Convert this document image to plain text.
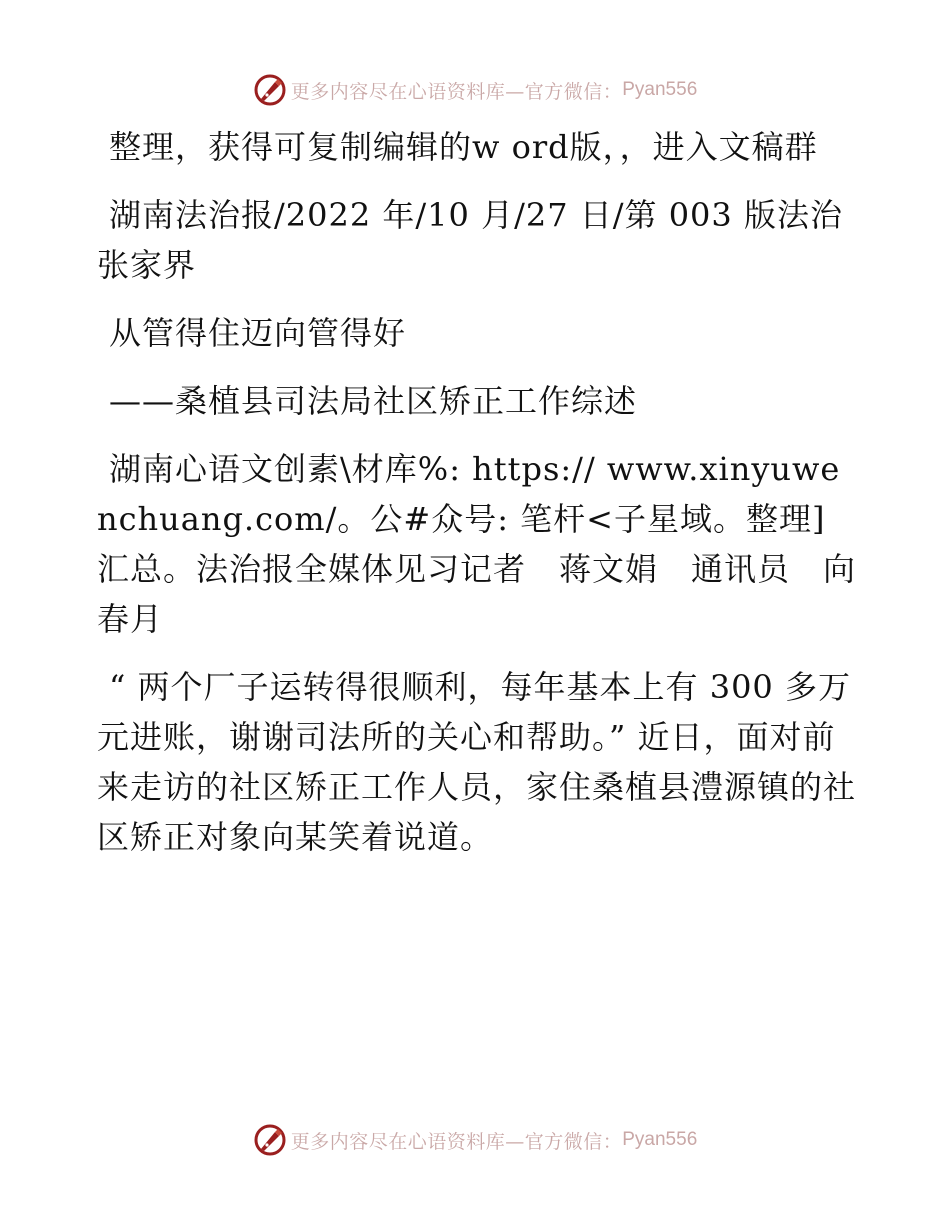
更多内容尽在心语资料库—官方微信： Pyan556

整理，获得可复制编辑的w ord版，，进入文稿群

湖南法治报/2022 年/10 月/27 日/第 003 版法治张家界

从管得住迈向管得好

——桑植县司法局社区矫正工作综述

湖南心语文创素\材库%: https:// www.xinyuwenchuang.com/。公#众号: 笔杆<子星域。整理]汇总。法治报全媒体见习记者　蒋文娟　通讯员　向春月

“ 两个厂子运转得很顺利，每年基本上有 300 多万元进账，谢谢司法所的关心和帮助。” 近日，面对前来走访的社区矫正工作人员，家住桑植县澧源镇的社区矫正对象向某笑着说道。

更多内容尽在心语资料库—官方微信： Pyan556
